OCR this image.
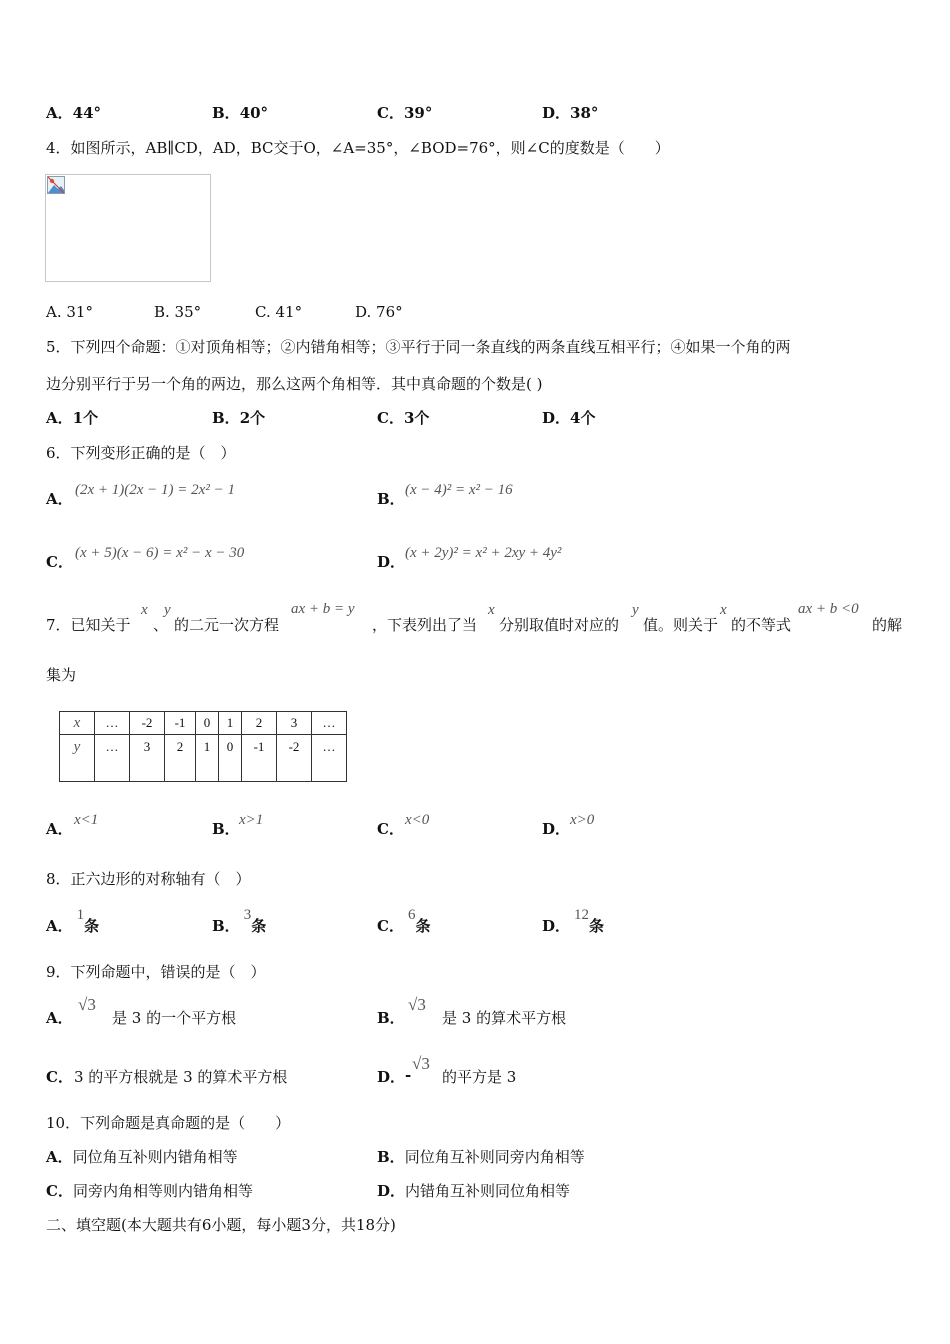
A．44°	B．40°	C．39°	D．38°
4．如图所示，AB∥CD，AD，BC交于O，∠A=35°，∠BOD=76°，则∠C的度数是（　　）
A. 31°	B. 35°	C. 41°	D. 76°
5．下列四个命题：①对顶角相等；②内错角相等；③平行于同一条直线的两条直线互相平行；④如果一个角的两
边分别平行于另一个角的两边，那么这两个角相等．其中真命题的个数是( )
A．1个	B．2个	C．3个	D．4个
6．下列变形正确的是（　）
A． (2x + 1)(2x − 1) = 2x² − 1	B． (x − 4)² = x² − 16
C． (x + 5)(x − 6) = x² − x − 30	D． (x + 2y)² = x² + 2xy + 4y²
7．已知关于
x
、
y
的二元一次方程
ax + b = y
，下表列出了当
x
分别取值时对应的
y
值。则关于
x
的不等式
ax + b <0
的解
集为
x	…	-2	-1	0	1	2	3	…
y	…	3	2	1	0	-1	-2	…
A． x<1	B． x>1	C． x<0	D． x>0
8．正六边形的对称轴有（　）
A．1条	B．3条	C．6条	D．12条
9．下列命题中，错误的是（　）
A．
√3
是 3 的一个平方根	B．
√3
是 3 的算术平方根
C． 3 的平方根就是 3 的算术平方根	D． -
√3
的平方是 3
10．下列命题是真命题的是（　　）
A．同位角互补则内错角相等	B．同位角互补则同旁内角相等
C．同旁内角相等则内错角相等	D．内错角互补则同位角相等
二、填空题(本大题共有6小题，每小题3分，共18分)
